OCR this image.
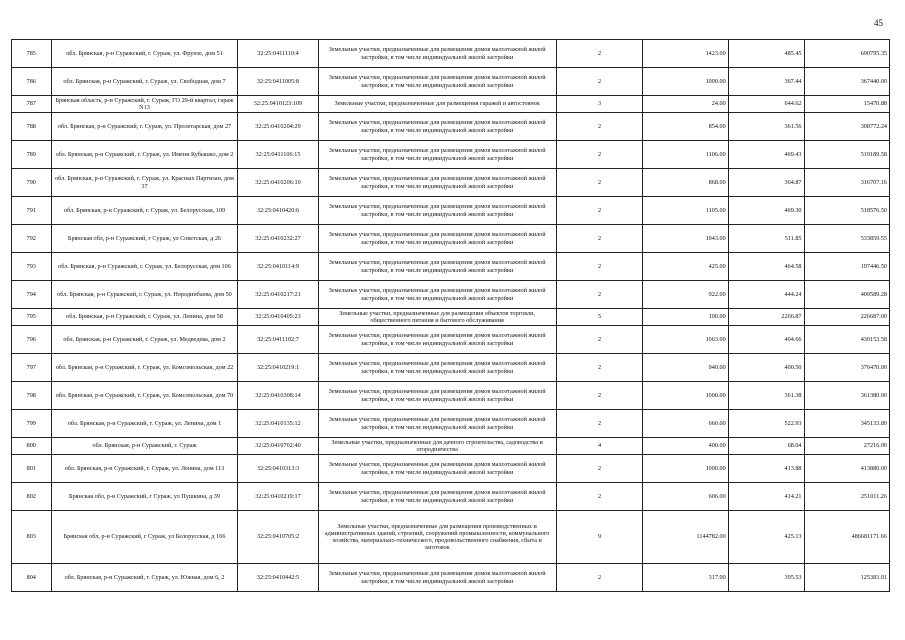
45
785	обл. Брянская, р-н Суражский, г. Сураж, ул. Фрунзе, дом 51	32:25:0411110:4	Земельные участки, предназначенные для размещения домов малоэтажной жилой застройки, в том числе индивидуальной жилой застройки	2	1423.00	485.45	690795.35
786	обл. Брянская, р-н Суражский, г. Сураж, ул. Свободная, дом 7	32:25:0411005:8	Земельные участки, предназначенные для размещения домов малоэтажной жилой застройки, в том числе индивидуальной жилой застройки	2	1000.00	367.44	367440.00
787	Брянская область, р-н Суражский, г. Сураж, ГО 29-й квартал, гараж N13	32:25:0410123:109	Земельные участки, предназначенные для размещения гаражей и автостоянок	3	24.00	644.62	15470.88
788	обл. Брянская, р-н Суражский, г. Сураж, ул. Пролетарская, дом 27	32:25:0410204:29	Земельные участки, предназначенные для размещения домов малоэтажной жилой застройки, в том числе индивидуальной жилой застройки	2	854.00	361.56	308772.24
789	обл. Брянская, р-н Суражский, г. Сураж, ул. Имени Кубышко, дом 2	32:25:0411106:15	Земельные участки, предназначенные для размещения домов малоэтажной жилой застройки, в том числе индивидуальной жилой застройки	2	1106.00	469.43	519189.58
790	обл. Брянская, р-н Суражский, г. Сураж, ул. Красных Партизан, дом 37	32:25:0410206:10	Земельные участки, предназначенные для размещения домов малоэтажной жилой застройки, в том числе индивидуальной жилой застройки	2	868.00	364.87	316707.16
791	обл. Брянская, р-н Суражский, г. Сураж, ул. Белорусская, 109	32:25:0410420:6	Земельные участки, предназначенные для размещения домов малоэтажной жилой застройки, в том числе индивидуальной жилой застройки	2	1105.00	469.30	518576.50
792	Брянская обл, р-н Суражский, г Сураж, ул Советская, д 26	32:25:0410232:27	Земельные участки, предназначенные для размещения домов малоэтажной жилой застройки, в том числе индивидуальной жилой застройки	2	1043.00	511.85	533859.55
793	обл. Брянская, р-н Суражский, г. Сураж, ул. Белорусская, дом 106	32:25:0410114:9	Земельные участки, предназначенные для размещения домов малоэтажной жилой застройки, в том числе индивидуальной жилой застройки	2	425.00	464.58	197446.50
794	обл. Брянская, р-н Суражский, г. Сураж, ул. Нородинбаева, дом 50	32:25:0410217:21	Земельные участки, предназначенные для размещения домов малоэтажной жилой застройки, в том числе индивидуальной жилой застройки	2	922.00	444.24	409589.28
795	обл. Брянская, р-н Суражский, г. Сураж, ул. Ленина, дом 58	32:25:0410405:23	Земельные участки, предназначенные для размещения объектов торговли, общественного питания и бытового обслуживания	5	100.00	2266.87	226687.00
796	обл. Брянская, р-н Суражский, г. Сураж, ул. Медведева, дом 2	32:25:0411102:7	Земельные участки, предназначенные для размещения домов малоэтажной жилой застройки, в том числе индивидуальной жилой застройки	2	1063.00	404.66	430153.58
797	обл. Брянская, р-н Суражский, г. Сураж, ул. Комсомольская, дом 22	32:25:0410219:1	Земельные участки, предназначенные для размещения домов малоэтажной жилой застройки, в том числе индивидуальной жилой застройки	2	940.00	400.50	376470.00
798	обл. Брянская, р-н Суражский, г. Сураж, ул. Комсомольская, дом 70	32:25:0410308:14	Земельные участки, предназначенные для размещения домов малоэтажной жилой застройки, в том числе индивидуальной жилой застройки	2	1000.00	361.38	361380.00
799	обл. Брянская, р-н Суражский, г. Сураж, ул. Ленина, дом 1	32:25:0410135:12	Земельные участки, предназначенные для размещения домов малоэтажной жилой застройки, в том числе индивидуальной жилой застройки	2	660.00	522.93	345133.80
800	обл. Брянская, р-н Суражский, г. Сураж	32:25:0410702:40	Земельные участки, предназначенные для дачного строительства, садоводства и огородничества	4	400.00	68.04	27216.00
801	обл. Брянская, р-н Суражский, г. Сураж, ул. Ленина, дом 113	32:25:0410313:3	Земельные участки, предназначенные для размещения домов малоэтажной жилой застройки, в том числе индивидуальной жилой застройки	2	1000.00	413.88	413880.00
802	Брянская обл, р-н Суражский, г Сураж, ул Пушкина, д 39	32:25:0410219:17	Земельные участки, предназначенные для размещения домов малоэтажной жилой застройки, в том числе индивидуальной жилой застройки	2	606.00	414.21	251011.26
803	Брянская обл, р-н Суражский, г Сураж, ул Белорусская, д 166	32:25:0410705:2	Земельные участки, предназначенные для размещения производственных и административных зданий, строений, сооружений промышленности, коммунального хозяйства, материально-технического, продовольственного снабжения, сбыта и заготовок	9	1144782.00	425.13	486681171.66
804	обл. Брянская, р-н Суражский, г. Сураж, ул. Южная, дом 6, 2	32:25:0410442:5	Земельные участки, предназначенные для размещения домов малоэтажной жилой застройки, в том числе индивидуальной жилой застройки	2	317.00	395.53	125383.01
